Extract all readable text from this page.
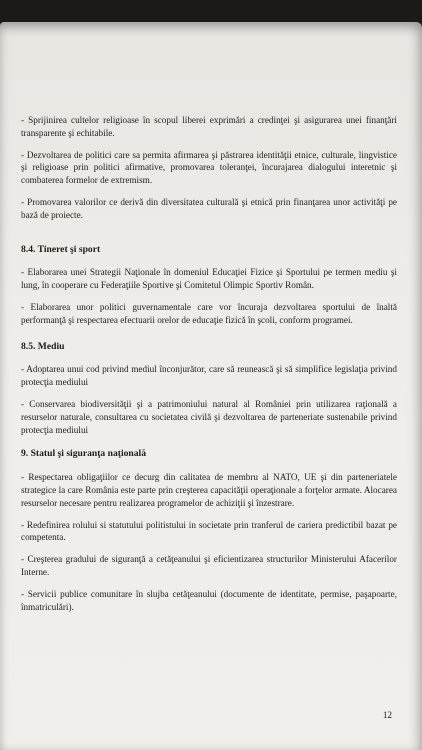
- Sprijinirea cultelor religioase în scopul liberei exprimări a credinţei şi asigurarea unei finanţări transparente şi echitabile.

- Dezvoltarea de politici care sa permita afirmarea şi păstrarea identităţii etnice, culturale, lingvistice şi religioase prin politici afirmative, promovarea toleranţei, încurajarea dialogului interetnic şi combaterea formelor de extremism.

- Promovarea valorilor ce derivă din diversitatea culturală şi etnică prin finanţarea unor activităţi pe bază de proiecte.

8.4. Tineret şi sport

- Elaborarea unei Strategii Naţionale în domeniul Educaţiei Fizice şi Sportului pe termen mediu şi lung, în cooperare cu Federaţiile Sportive şi Comitetul Olimpic Sportiv Român.

- Elaborarea unor politici guvernamentale care vor încuraja dezvoltarea sportului de înaltă performanţă şi respectarea efectuarii orelor de educaţie fizică în şcoli, conform programei.

8.5. Mediu

- Adoptarea unui cod privind mediul înconjurător, care să reunească şi să simplifice legislaţia privind protecţia mediului

- Conservarea biodiversităţii şi a patrimoniului natural al României prin utilizarea raţională a resurselor naturale, consultarea cu societatea civilă şi dezvoltarea de parteneriate sustenabile privind protecţia mediului

9. Statul şi siguranţa naţională

- Respectarea obligaţiilor ce decurg din calitatea de membru al NATO, UE şi din parteneriatele strategice la care România este parte prin creşterea capacităţii operaţionale a forţelor armate. Alocarea resurselor necesare pentru realizarea programelor de achiziţii şi înzestrare.

- Redefinirea rolului si statutului politistului in societate prin tranferul de cariera predictibil bazat pe competenta.

- Creşterea gradului de siguranţă a cetăţeanului şi eficientizarea structurilor Ministerului Afacerilor Interne.

- Servicii publice comunitare în slujba cetăţeanului (documente de identitate, permise, paşapoarte, înmatriculări).

12
